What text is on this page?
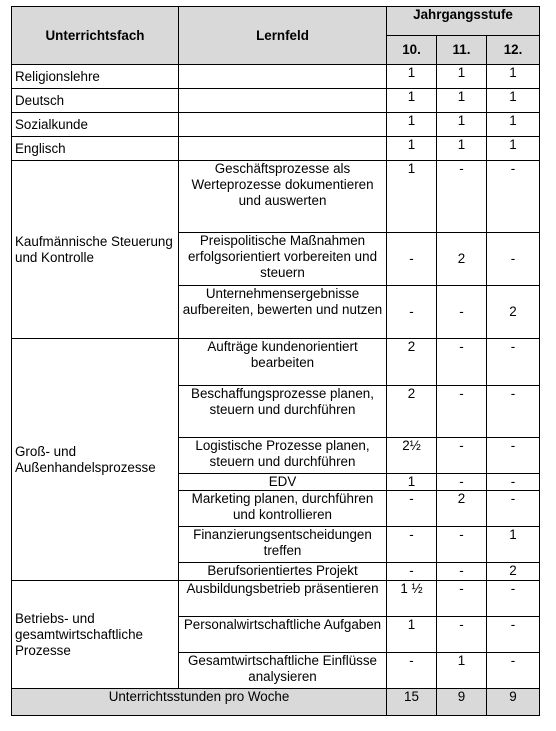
Unterrichtsfach	Lernfeld	Jahrgangsstufe		
		10.	11.	12.
Religionslehre		1	1	1
Deutsch		1	1	1
Sozialkunde		1	1	1
Englisch		1	1	1
Kaufmännische Steuerung und Kontrolle	Geschäftsprozesse als Werteprozesse dokumentieren und auswerten	1	-	-
	Preispolitische Maßnahmen erfolgsorientiert vorbereiten und steuern	-	2	-
	Unternehmensergebnisse aufbereiten, bewerten und nutzen	-	-	2
Groß- und Außenhandelsprozesse	Aufträge kundenorientiert bearbeiten	2	-	-
	Beschaffungsprozesse planen, steuern und durchführen	2	-	-
	Logistische Prozesse planen, steuern und durchführen	2½	-	-
	EDV	1	-	-
	Marketing planen, durchführen und kontrollieren	-	2	-
	Finanzierungsentscheidungen treffen	-	-	1
	Berufsorientiertes Projekt	-	-	2
Betriebs- und gesamtwirtschaftliche Prozesse	Ausbildungsbetrieb präsentieren	1 ½	-	-
	Personalwirtschaftliche Aufgaben	1	-	-
	Gesamtwirtschaftliche Einflüsse analysieren	-	1	-
Unterrichtsstunden pro Woche		15	9	9
